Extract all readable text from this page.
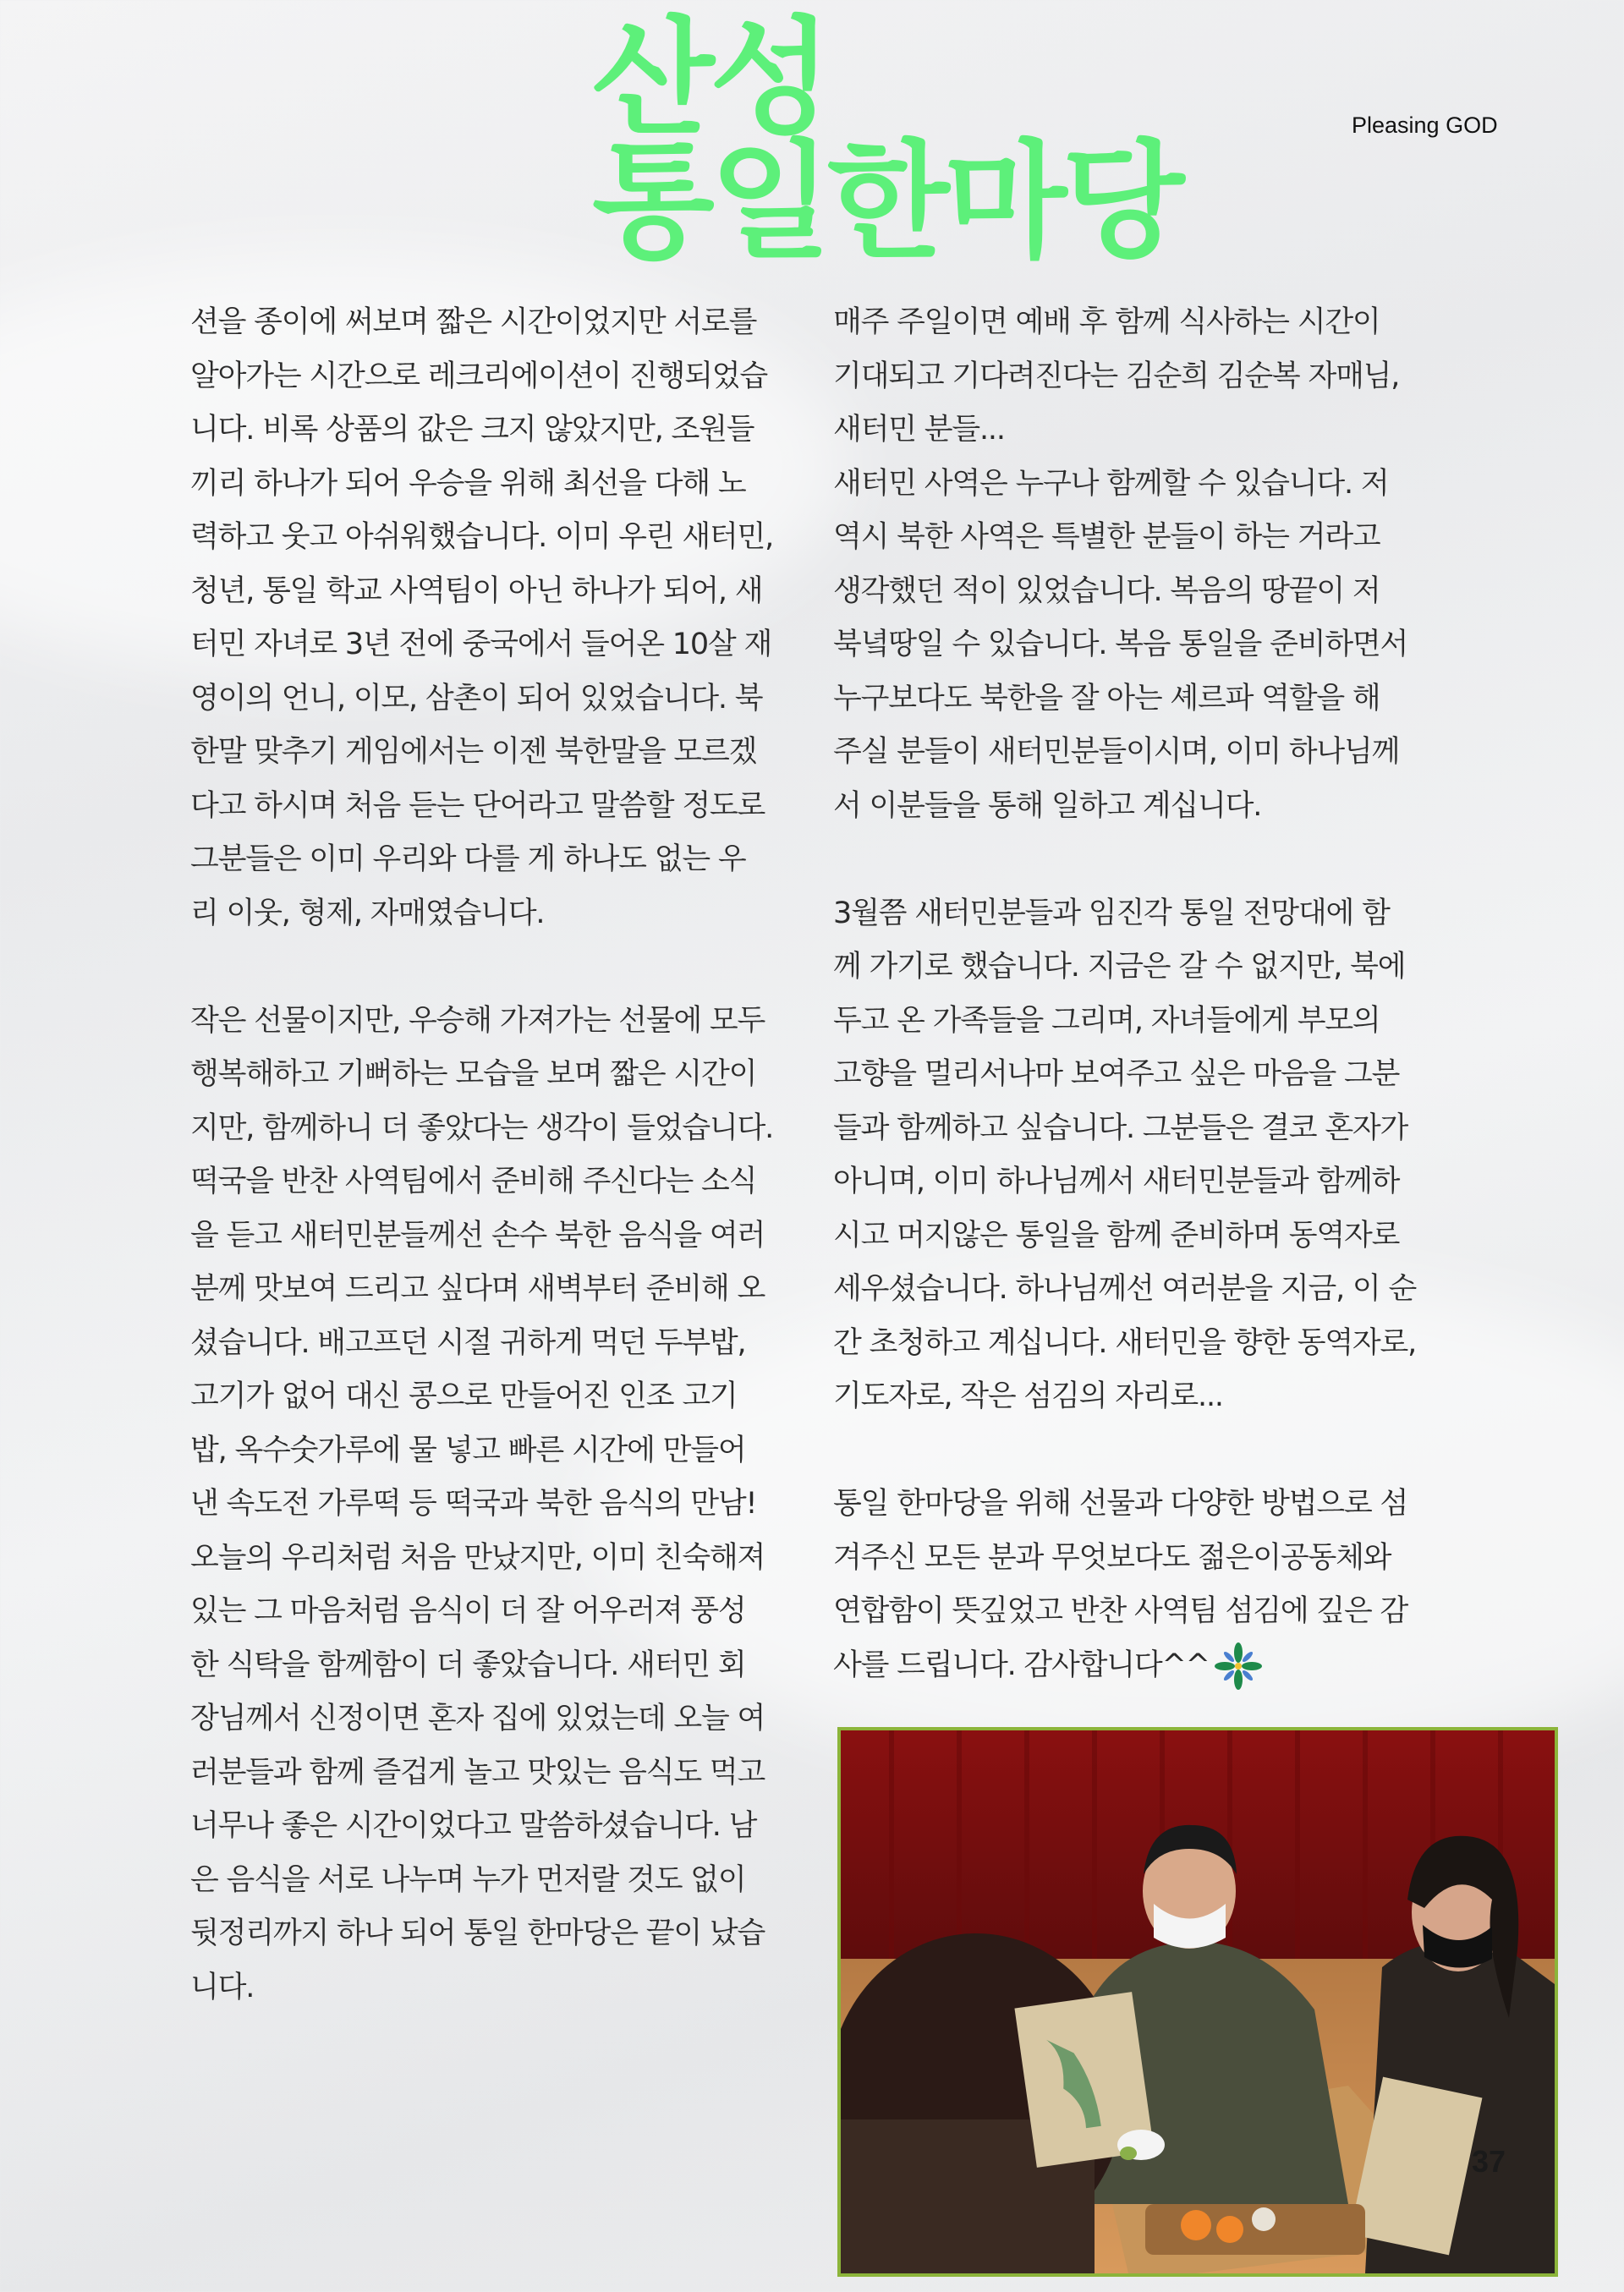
산성
통일한마당
Pleasing GOD

션을 종이에 써보며 짧은 시간이었지만 서로를
알아가는 시간으로 레크리에이션이 진행되었습
니다. 비록 상품의 값은 크지 않았지만, 조원들
끼리 하나가 되어 우승을 위해 최선을 다해 노
력하고 웃고 아쉬워했습니다. 이미 우린 새터민,
청년, 통일 학교 사역팀이 아닌 하나가 되어, 새
터민 자녀로 3년 전에 중국에서 들어온 10살 재
영이의 언니, 이모, 삼촌이 되어 있었습니다. 북
한말 맞추기 게임에서는 이젠 북한말을 모르겠
다고 하시며 처음 듣는 단어라고 말씀할 정도로
그분들은 이미 우리와 다를 게 하나도 없는 우
리 이웃, 형제, 자매였습니다.

작은 선물이지만, 우승해 가져가는 선물에 모두
행복해하고 기뻐하는 모습을 보며 짧은 시간이
지만, 함께하니 더 좋았다는 생각이 들었습니다.
떡국을 반찬 사역팀에서 준비해 주신다는 소식
을 듣고 새터민분들께선 손수 북한 음식을 여러
분께 맛보여 드리고 싶다며 새벽부터 준비해 오
셨습니다. 배고프던 시절 귀하게 먹던 두부밥,
고기가 없어 대신 콩으로 만들어진 인조 고기
밥, 옥수숫가루에 물 넣고 빠른 시간에 만들어
낸 속도전 가루떡 등 떡국과 북한 음식의 만남!
오늘의 우리처럼 처음 만났지만, 이미 친숙해져
있는 그 마음처럼 음식이 더 잘 어우러져 풍성
한 식탁을 함께함이 더 좋았습니다. 새터민 회
장님께서 신정이면 혼자 집에 있었는데 오늘 여
러분들과 함께 즐겁게 놀고 맛있는 음식도 먹고
너무나 좋은 시간이었다고 말씀하셨습니다. 남
은 음식을 서로 나누며 누가 먼저랄 것도 없이
뒷정리까지 하나 되어 통일 한마당은 끝이 났습
니다.

매주 주일이면 예배 후 함께 식사하는 시간이
기대되고 기다려진다는 김순희 김순복 자매님,
새터민 분들...

새터민 사역은 누구나 함께할 수 있습니다. 저
역시 북한 사역은 특별한 분들이 하는 거라고
생각했던 적이 있었습니다. 복음의 땅끝이 저
북녘땅일 수 있습니다. 복음 통일을 준비하면서
누구보다도 북한을 잘 아는 셰르파 역할을 해
주실 분들이 새터민분들이시며, 이미 하나님께
서 이분들을 통해 일하고 계십니다.

3월쯤 새터민분들과 임진각 통일 전망대에 함
께 가기로 했습니다. 지금은 갈 수 없지만, 북에
두고 온 가족들을 그리며, 자녀들에게 부모의
고향을 멀리서나마 보여주고 싶은 마음을 그분
들과 함께하고 싶습니다. 그분들은 결코 혼자가
아니며, 이미 하나님께서 새터민분들과 함께하
시고 머지않은 통일을 함께 준비하며 동역자로
세우셨습니다. 하나님께선 여러분을 지금, 이 순
간 초청하고 계십니다. 새터민을 향한 동역자로,
기도자로, 작은 섬김의 자리로...

통일 한마당을 위해 선물과 다양한 방법으로 섬
겨주신 모든 분과 무엇보다도 젊은이공동체와
연합함이 뜻깊었고 반찬 사역팀 섬김에 깊은 감
사를 드립니다. 감사합니다^^

37
